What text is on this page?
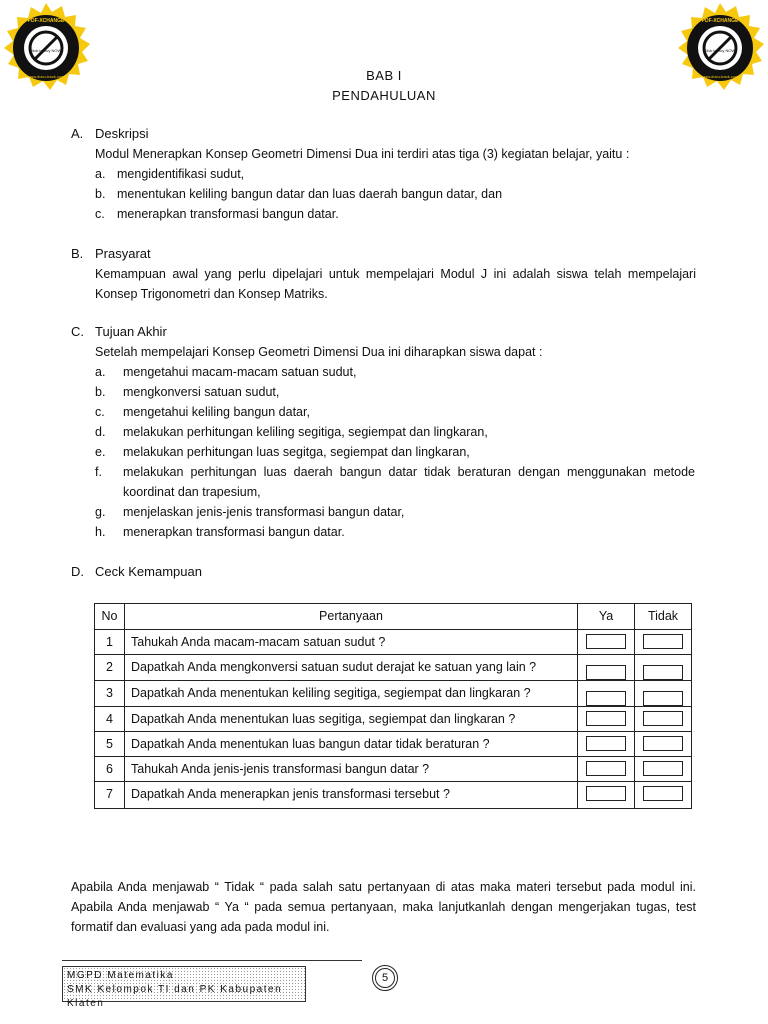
PDF-XCHANGE
Click to buy NOW!
www.docu-track.com
PDF-XCHANGE
Click to buy NOW!
www.docu-track.com
BAB I
PENDAHULUAN
A. Deskripsi
Modul Menerapkan Konsep Geometri Dimensi Dua ini terdiri atas tiga (3) kegiatan belajar, yaitu :
a. mengidentifikasi sudut,
b. menentukan keliling bangun datar dan luas daerah bangun datar, dan
c. menerapkan transformasi bangun datar.
B. Prasyarat
Kemampuan awal yang perlu dipelajari untuk mempelajari Modul J ini adalah siswa telah mempelajari Konsep Trigonometri dan Konsep Matriks.
C. Tujuan Akhir
Setelah mempelajari Konsep Geometri Dimensi Dua ini diharapkan siswa dapat :
a. mengetahui macam-macam satuan sudut,
b. mengkonversi satuan sudut,
c. mengetahui keliling bangun datar,
d. melakukan perhitungan keliling segitiga, segiempat dan lingkaran,
e. melakukan perhitungan luas segitga, segiempat dan lingkaran,
f. melakukan perhitungan luas daerah bangun datar tidak beraturan dengan menggunakan metode koordinat dan trapesium,
g. menjelaskan jenis-jenis transformasi bangun datar,
h. menerapkan transformasi bangun datar.
D. Ceck Kemampuan
No	Pertanyaan	Ya	Tidak
1	Tahukah Anda macam-macam satuan sudut ?	

2	Dapatkah Anda mengkonversi satuan sudut derajat ke satuan yang lain ?	

3	Dapatkah Anda menentukan keliling segitiga, segiempat dan lingkaran ?	

4	Dapatkah Anda menentukan luas segitiga, segiempat dan lingkaran ?	

5	Dapatkah Anda menentukan luas bangun datar tidak beraturan ?	

6	Tahukah Anda jenis-jenis transformasi bangun datar ?	

7	Dapatkah Anda menerapkan jenis transformasi tersebut ?	

Apabila Anda menjawab “ Tidak “ pada salah satu pertanyaan di atas maka materi tersebut pada modul ini. Apabila Anda menjawab “ Ya “ pada semua pertanyaan, maka lanjutkanlah dengan mengerjakan tugas, test formatif dan evaluasi yang ada pada modul ini.
MGPD Matematika
SMK Kelompok TI dan PK Kabupaten Klaten
5
